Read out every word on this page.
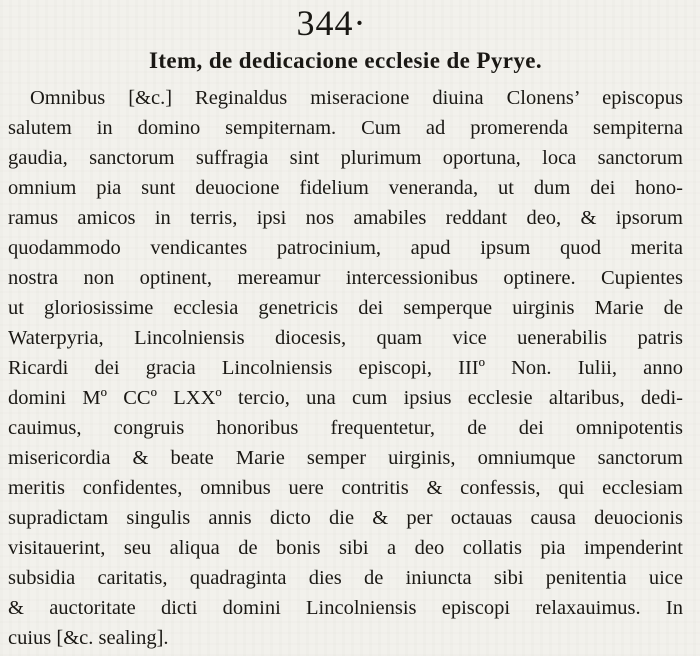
344·
Item, de dedicacione ecclesie de Pyrye.
Omnibus [&c.] Reginaldus miseracione diuina Clonens’ episcopus
salutem in domino sempiternam. Cum ad promerenda sempiterna
gaudia, sanctorum suffragia sint plurimum oportuna, loca sanctorum
omnium pia sunt deuocione fidelium veneranda, ut dum dei hono-
ramus amicos in terris, ipsi nos amabiles reddant deo, & ipsorum
quodammodo vendicantes patrocinium, apud ipsum quod merita
nostra non optinent, mereamur intercessionibus optinere. Cupientes
ut gloriosissime ecclesia genetricis dei semperque uirginis Marie de
Waterpyria, Lincolniensis diocesis, quam vice uenerabilis patris
Ricardi dei gracia Lincolniensis episcopi, IIIº Non. Iulii, anno
domini Mº CCº LXXº tercio, una cum ipsius ecclesie altaribus, dedi-
cauimus, congruis honoribus frequentetur, de dei omnipotentis
misericordia & beate Marie semper uirginis, omniumque sanctorum
meritis confidentes, omnibus uere contritis & confessis, qui ecclesiam
supradictam singulis annis dicto die & per octauas causa deuocionis
visitauerint, seu aliqua de bonis sibi a deo collatis pia impenderint
subsidia caritatis, quadraginta dies de iniuncta sibi penitentia uice
& auctoritate dicti domini Lincolniensis episcopi relaxauimus. In
cuius [&c. sealing].
